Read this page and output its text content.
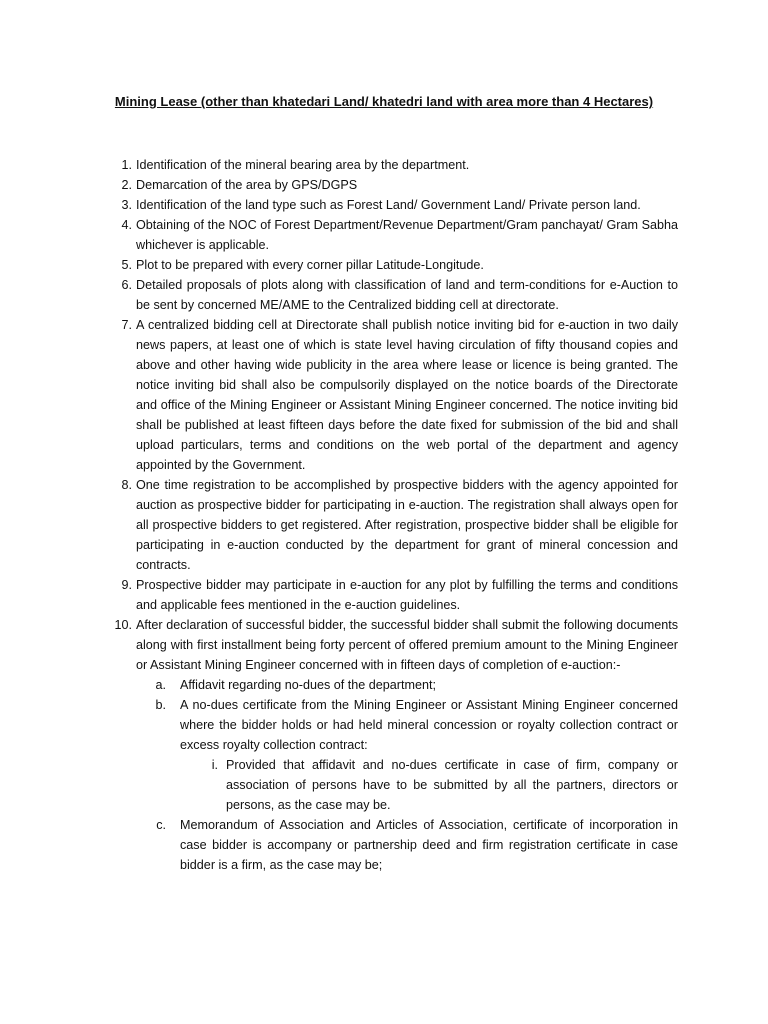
Mining Lease (other than khatedari Land/ khatedri land with area more than 4 Hectares)
1. Identification of the mineral bearing area by the department.
2. Demarcation of the area by GPS/DGPS
3. Identification of the land type such as Forest Land/ Government Land/ Private person land.
4. Obtaining of the NOC of Forest Department/Revenue Department/Gram panchayat/ Gram Sabha whichever is applicable.
5. Plot to be prepared with every corner pillar Latitude-Longitude.
6. Detailed proposals of plots along with classification of land and term-conditions for e-Auction to be sent by concerned ME/AME to the Centralized bidding cell at directorate.
7. A centralized bidding cell at Directorate shall publish notice inviting bid for e-auction in two daily news papers, at least one of which is state level having circulation of fifty thousand copies and above and other having wide publicity in the area where lease or licence is being granted. The notice inviting bid shall also be compulsorily displayed on the notice boards of the Directorate and office of the Mining Engineer or Assistant Mining Engineer concerned. The notice inviting bid shall be published at least fifteen days before the date fixed for submission of the bid and shall upload particulars, terms and conditions on the web portal of the department and agency appointed by the Government.
8. One time registration to be accomplished by prospective bidders with the agency appointed for auction as prospective bidder for participating in e-auction. The registration shall always open for all prospective bidders to get registered. After registration, prospective bidder shall be eligible for participating in e-auction conducted by the department for grant of mineral concession and contracts.
9. Prospective bidder may participate in e-auction for any plot by fulfilling the terms and conditions and applicable fees mentioned in the e-auction guidelines.
10. After declaration of successful bidder, the successful bidder shall submit the following documents along with first installment being forty percent of offered premium amount to the Mining Engineer or Assistant Mining Engineer concerned with in fifteen days of completion of e-auction:-
a. Affidavit regarding no-dues of the department;
b. A no-dues certificate from the Mining Engineer or Assistant Mining Engineer concerned where the bidder holds or had held mineral concession or royalty collection contract or excess royalty collection contract:
i. Provided that affidavit and no-dues certificate in case of firm, company or association of persons have to be submitted by all the partners, directors or persons, as the case may be.
c. Memorandum of Association and Articles of Association, certificate of incorporation in case bidder is accompany or partnership deed and firm registration certificate in case bidder is a firm, as the case may be;
